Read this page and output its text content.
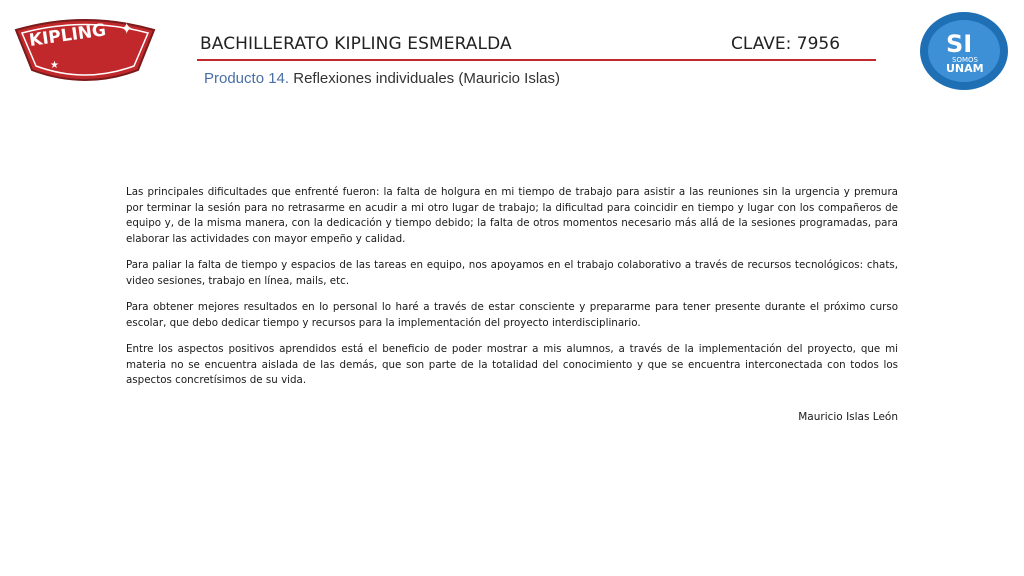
KIPLING ✦
★
SI
SOMOS
UNAM
BACHILLERATO KIPLING ESMERALDA	CLAVE: 7956
Producto 14. Reflexiones individuales (Mauricio Islas)

Las principales dificultades que enfrenté fueron: la falta de holgura en mi tiempo de trabajo para asistir a las reuniones sin la urgencia y premura por terminar la sesión para no retrasarme en acudir a mi otro lugar de trabajo; la dificultad para coincidir en tiempo y lugar con los compañeros de equipo y, de la misma manera, con la dedicación y tiempo debido; la falta de otros momentos necesario más allá de la sesiones programadas, para elaborar las actividades con mayor empeño y calidad.

Para paliar la falta de tiempo y espacios de las tareas en equipo, nos apoyamos en el trabajo colaborativo a través de recursos tecnológicos: chats, video sesiones, trabajo en línea, mails, etc.

Para obtener mejores resultados en lo personal lo haré a través de estar consciente y prepararme para tener presente durante el próximo curso escolar, que debo dedicar tiempo y recursos para la implementación del proyecto interdisciplinario.

Entre los aspectos positivos aprendidos está el beneficio de poder mostrar a mis alumnos, a través de la implementación del proyecto, que mi materia no se encuentra aislada de las demás, que son parte de la totalidad del conocimiento y que se encuentra interconectada con todos los aspectos concretísimos de su vida.

Mauricio Islas León
